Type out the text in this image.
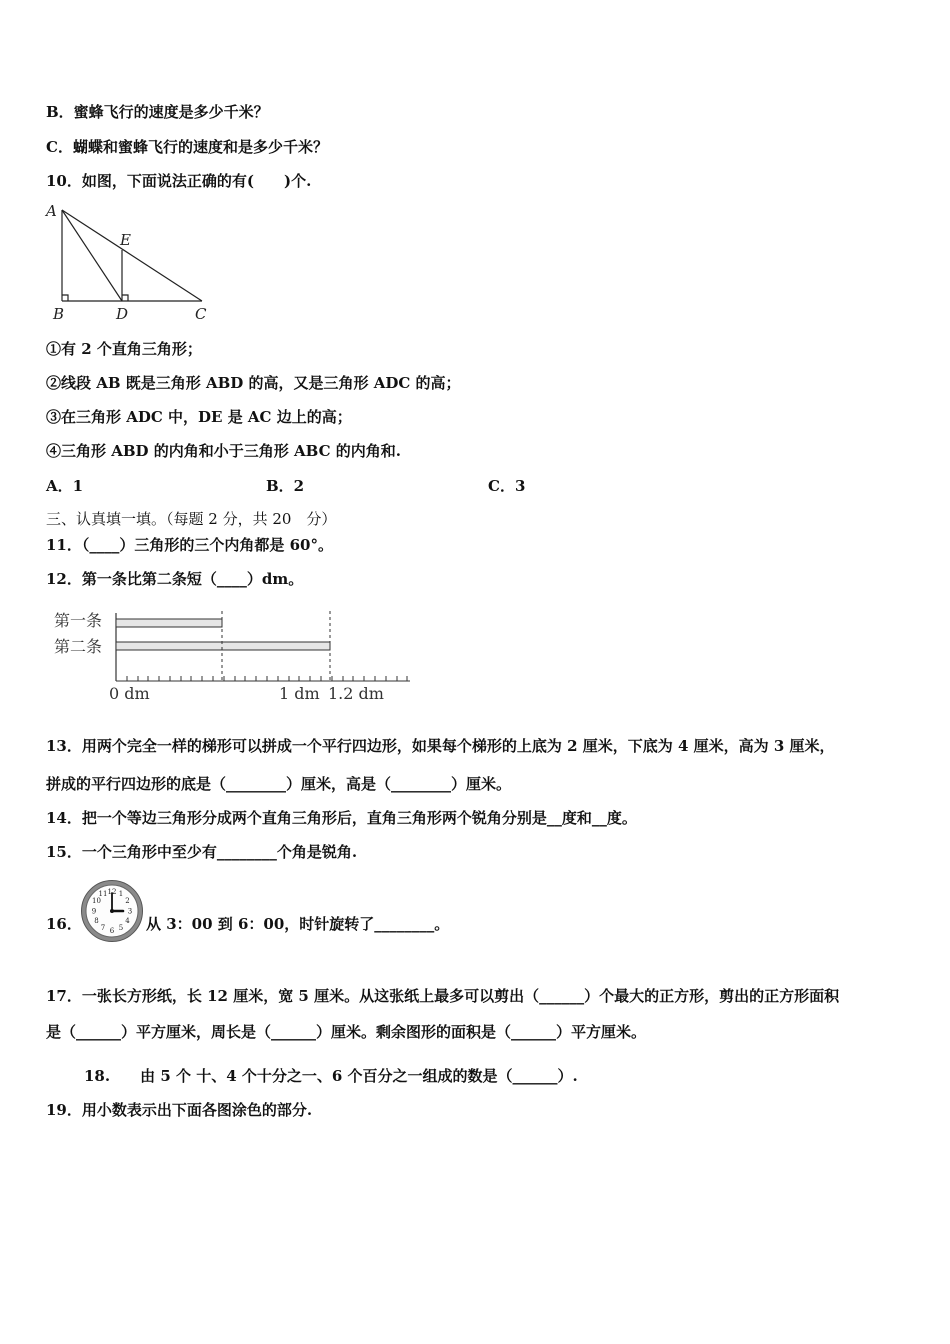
B．蜜蜂飞行的速度是多少千米？
C．蝴蝶和蜜蜂飞行的速度和是多少千米？
10．如图，下面说法正确的有(　　)个.
A
E
B	D	C
①有 2 个直角三角形；
②线段 AB 既是三角形 ABD 的高，又是三角形 ADC 的高；
③在三角形 ADC 中，DE 是 AC 边上的高；
④三角形 ABD 的内角和小于三角形 ABC 的内角和.
A．1	B．2	C．3
三、认真填一填。（每题 2 分，共 20　分）
11．（____）三角形的三个内角都是 60°。
12．第一条比第二条短（____）dm。
第一条
第二条
0 dm	1 dm 1.2 dm
13．用两个完全一样的梯形可以拼成一个平行四边形，如果每个梯形的上底为 2 厘米，下底为 4 厘米，高为 3 厘米，
拼成的平行四边形的底是（________）厘米，高是（________）厘米。
14．把一个等边三角形分成两个直角三角形后，直角三角形两个锐角分别是__度和__度。
15．一个三角形中至少有________个角是锐角.
16．
12 1
2
3
4
5
6
7
8
9
10
11
从 3：00 到 6：00，时针旋转了________。
17．一张长方形纸，长 12 厘米，宽 5 厘米。从这张纸上最多可以剪出（______）个最大的正方形，剪出的正方形面积
是（______）平方厘米，周长是（______）厘米。剩余图形的面积是（______）平方厘米。
18.　　由 5 个 十、4 个十分之一、6 个百分之一组成的数是（______）.
19．用小数表示出下面各图涂色的部分.
